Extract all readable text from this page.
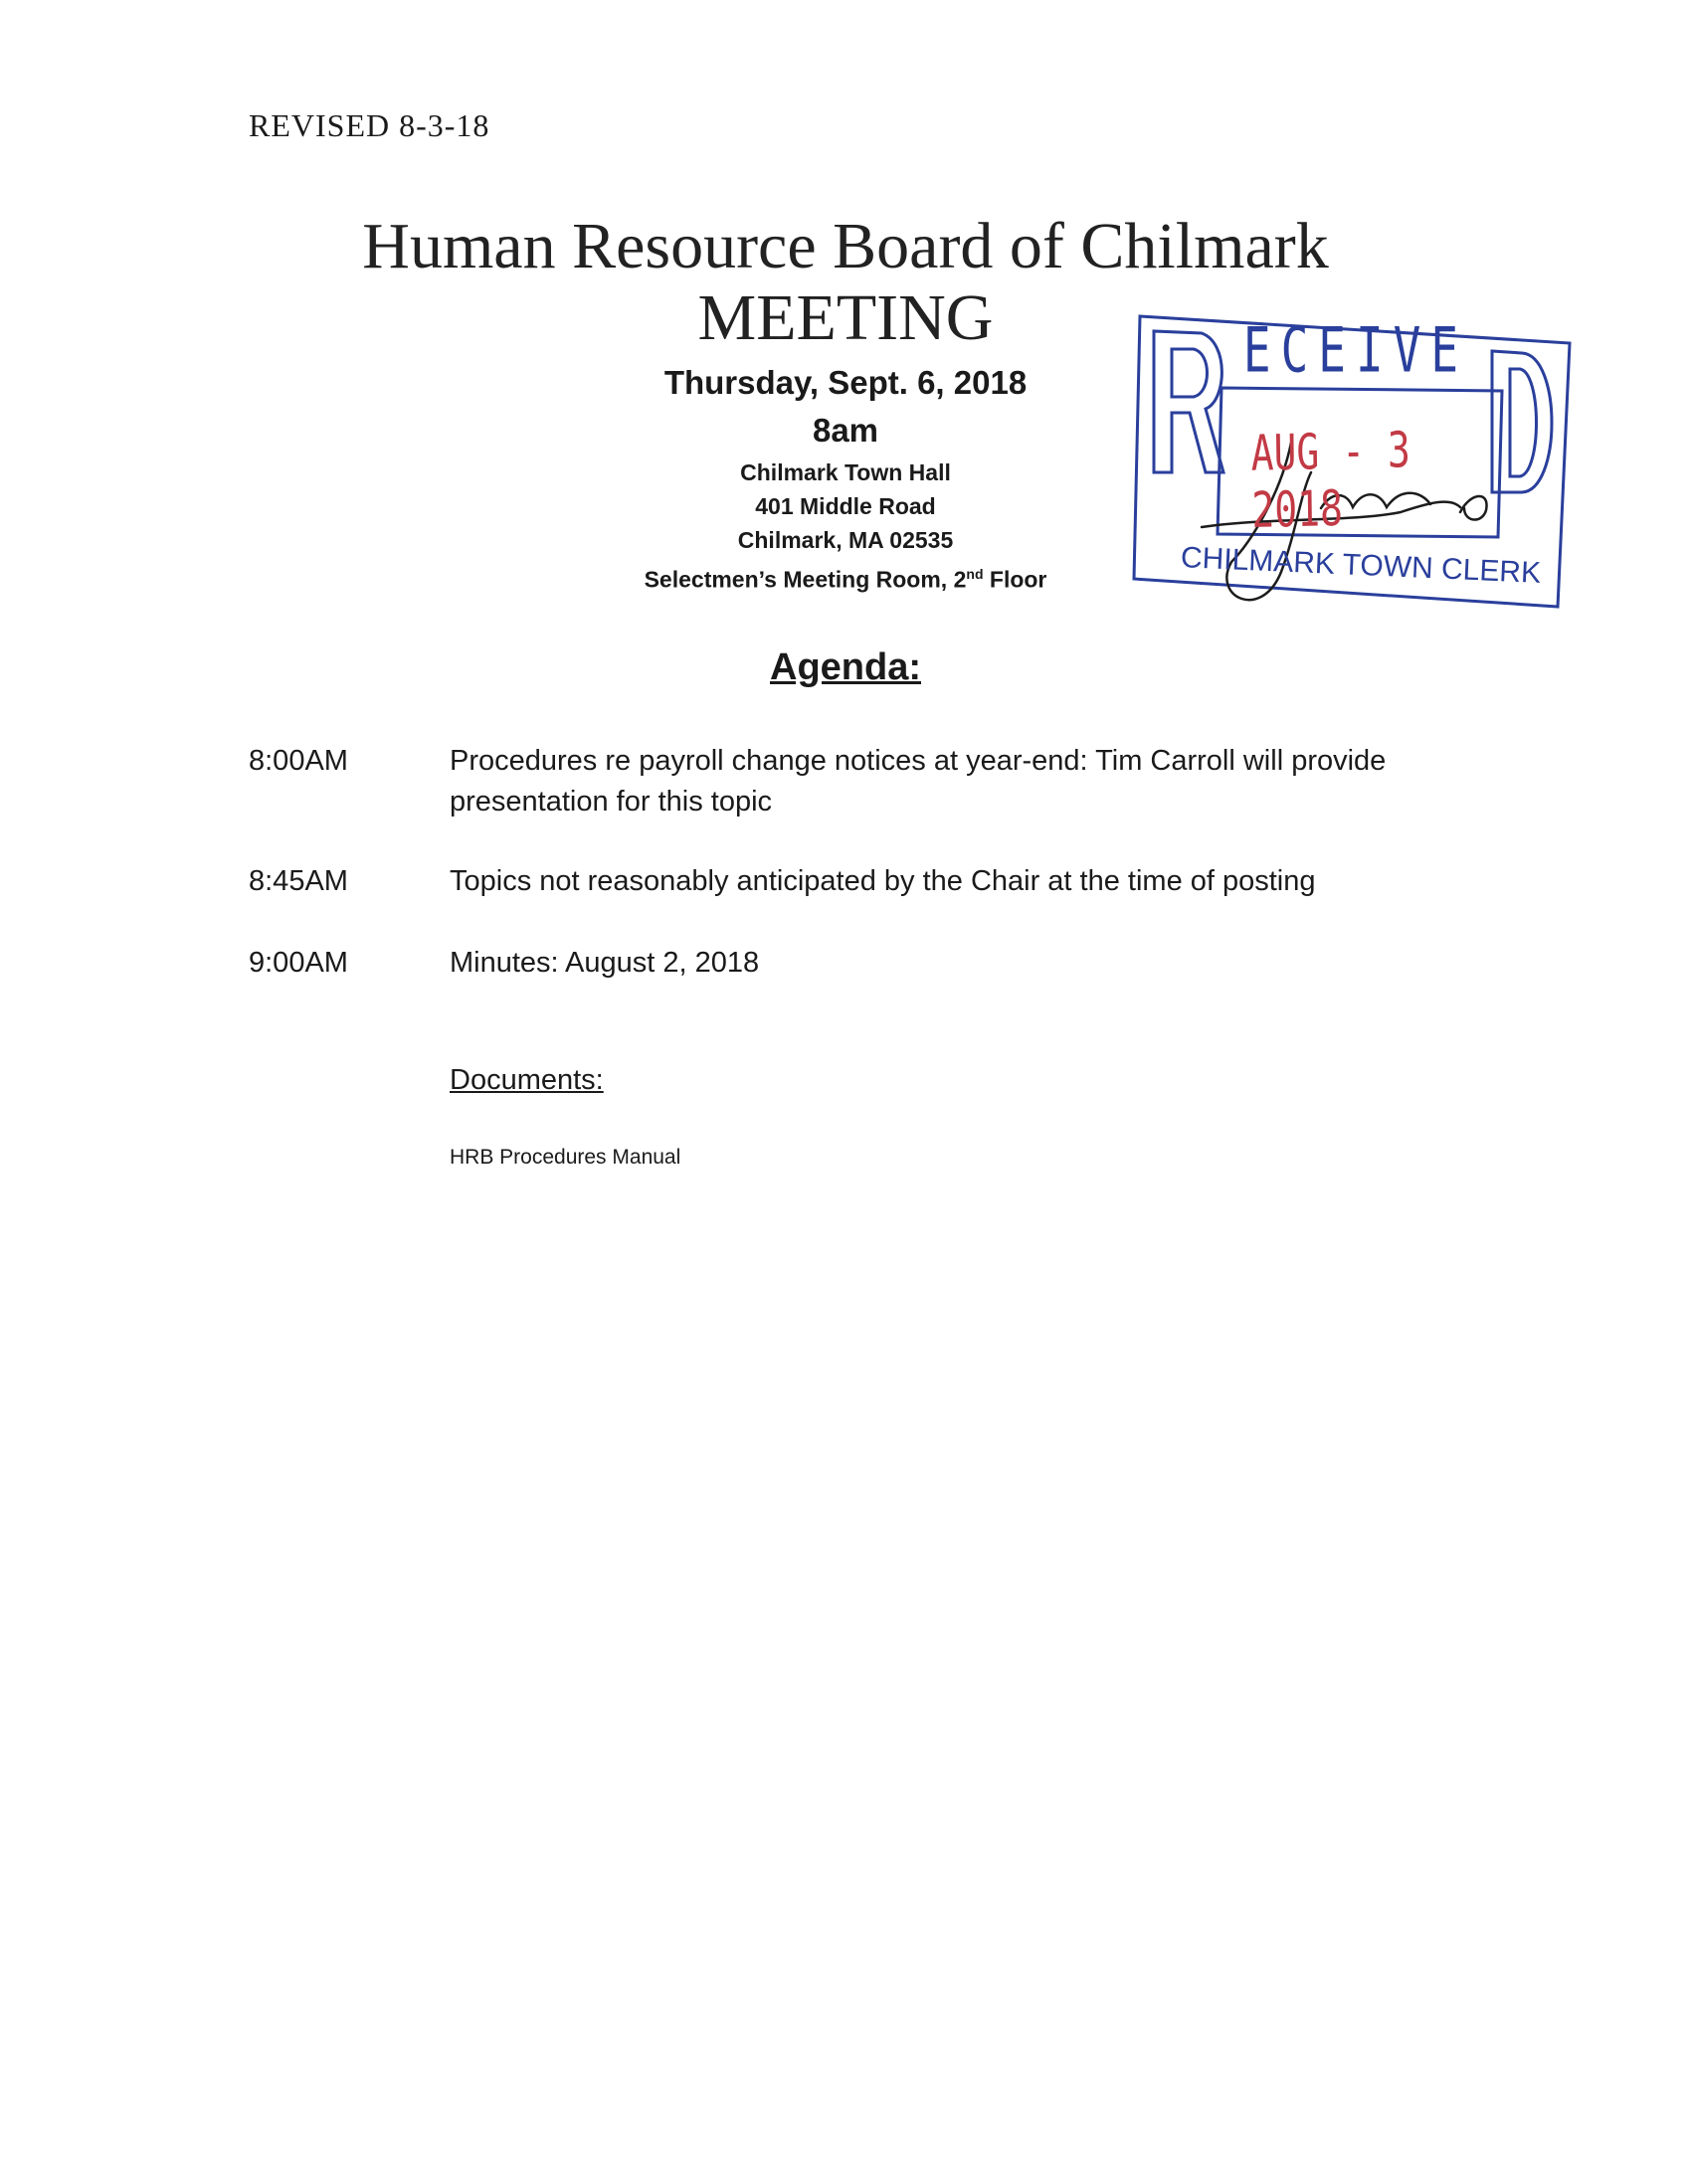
REVISED 8-3-18
Human Resource Board of Chilmark
MEETING
Thursday, Sept. 6, 2018
8am
Chilmark Town Hall
401 Middle Road
Chilmark, MA 02535
Selectmen’s Meeting Room, 2nd Floor
ECEIVE
AUG - 3 2018
CHILMARK TOWN CLERK
Agenda:
8:00AM	Procedures re payroll change notices at year-end: Tim Carroll will provide presentation for this topic
8:45AM	Topics not reasonably anticipated by the Chair at the time of posting
9:00AM	Minutes: August 2, 2018
Documents:
HRB Procedures Manual
